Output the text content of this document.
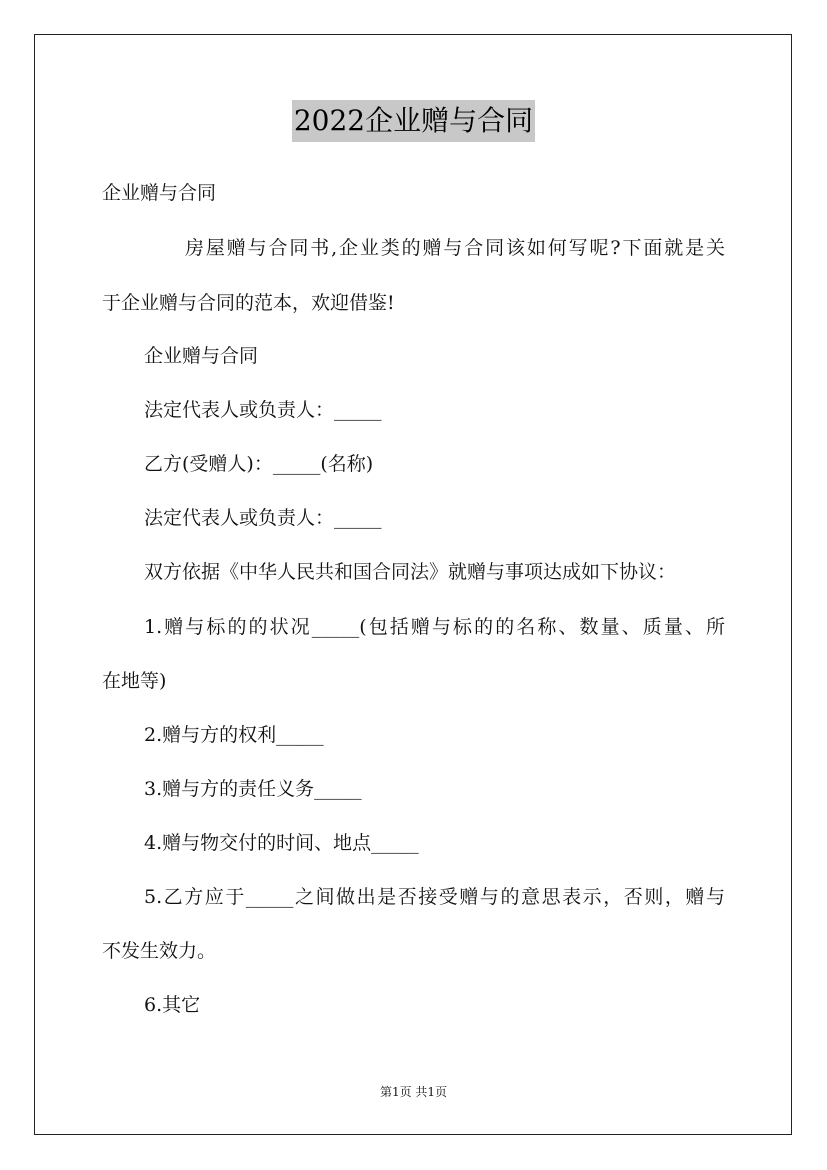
2022企业赠与合同
企业赠与合同
房屋赠与合同书,企业类的赠与合同该如何写呢?下面就是关
于企业赠与合同的范本，欢迎借鉴!
企业赠与合同
法定代表人或负责人：_____
乙方(受赠人)：_____(名称)
法定代表人或负责人：_____
双方依据《中华人民共和国合同法》就赠与事项达成如下协议：
1.赠与标的的状况_____(包括赠与标的的名称、数量、质量、所
在地等)
2.赠与方的权利_____
3.赠与方的责任义务_____
4.赠与物交付的时间、地点_____
5.乙方应于_____之间做出是否接受赠与的意思表示，否则，赠与
不发生效力。
6.其它
第1页 共1页
